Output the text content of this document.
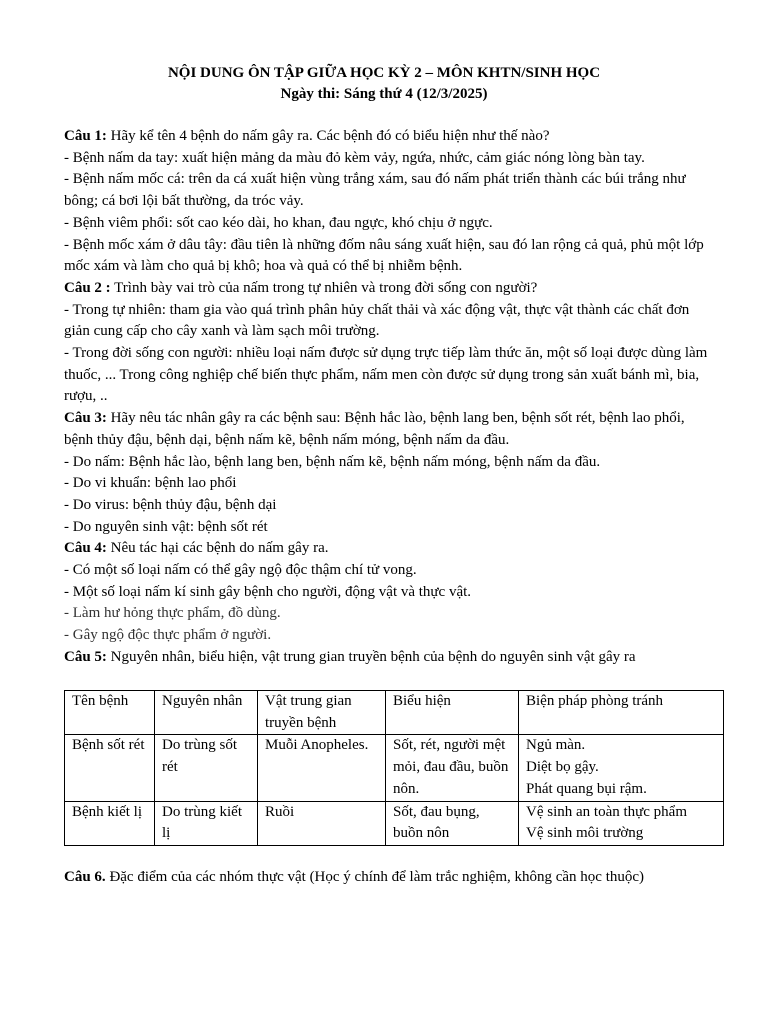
NỘI DUNG ÔN TẬP GIỮA HỌC KỲ 2 – MÔN KHTN/SINH HỌC
Ngày thi: Sáng thứ 4 (12/3/2025)

Câu 1: Hãy kể tên 4 bệnh do nấm gây ra. Các bệnh đó có biểu hiện như thế nào?

- Bệnh nấm da tay: xuất hiện mảng da màu đỏ kèm vảy, ngứa, nhức, cảm giác nóng lòng bàn tay.

- Bệnh nấm mốc cá: trên da cá xuất hiện vùng trắng xám, sau đó nấm phát triển thành các búi trắng như bông; cá bơi lội bất thường, da tróc vảy.

- Bệnh viêm phổi: sốt cao kéo dài, ho khan, đau ngực, khó chịu ở ngực.

- Bệnh mốc xám ở dâu tây: đầu tiên là những đốm nâu sáng xuất hiện, sau đó lan rộng cả quả, phủ một lớp mốc xám và làm cho quả bị khô; hoa và quả có thể bị nhiễm bệnh.

Câu 2 : Trình bày vai trò của nấm trong tự nhiên và trong đời sống con người?

- Trong tự nhiên: tham gia vào quá trình phân hủy chất thải và xác động vật, thực vật thành các chất đơn giản cung cấp cho cây xanh và làm sạch môi trường.

- Trong đời sống con người: nhiều loại nấm được sử dụng trực tiếp làm thức ăn, một số loại được dùng làm thuốc, ... Trong công nghiệp chế biến thực phẩm, nấm men còn được sử dụng trong sản xuất bánh mì, bia, rượu, ..

Câu 3: Hãy nêu tác nhân gây ra các bệnh sau: Bệnh hắc lào, bệnh lang ben, bệnh sốt rét, bệnh lao phổi, bệnh thủy đậu, bệnh dại, bệnh nấm kẽ, bệnh nấm móng, bệnh nấm da đầu.

- Do nấm: Bệnh hắc lào, bệnh lang ben, bệnh nấm kẽ, bệnh nấm móng, bệnh nấm da đầu.

- Do vi khuẩn: bệnh lao phổi

- Do virus: bệnh thủy đậu, bệnh dại

- Do nguyên sinh vật: bệnh sốt rét

Câu 4: Nêu tác hại các bệnh do nấm gây ra.

- Có một số loại nấm có thể gây ngộ độc thậm chí tử vong.

- Một số loại nấm kí sinh gây bệnh cho người, động vật và thực vật.

- Làm hư hỏng thực phẩm, đồ dùng.

- Gây ngộ độc thực phẩm ở người.

Câu 5: Nguyên nhân, biểu hiện, vật trung gian truyền bệnh của bệnh do nguyên sinh vật gây ra

Tên bệnh	Nguyên nhân	Vật trung gian truyền bệnh	Biểu hiện	Biện pháp phòng tránh
Bệnh sốt rét	Do trùng sốt rét	Muỗi Anopheles.	Sốt, rét, người mệt mỏi, đau đầu, buồn nôn.	Ngủ màn.
Diệt bọ gậy.
Phát quang bụi rậm.

Bệnh kiết lị	Do trùng kiết lị	Ruồi	Sốt, đau bụng, buồn nôn	Vệ sinh an toàn thực phẩm
Vệ sinh môi trường

Câu 6. Đặc điểm của các nhóm thực vật (Học ý chính để làm trắc nghiệm, không cần học thuộc)
